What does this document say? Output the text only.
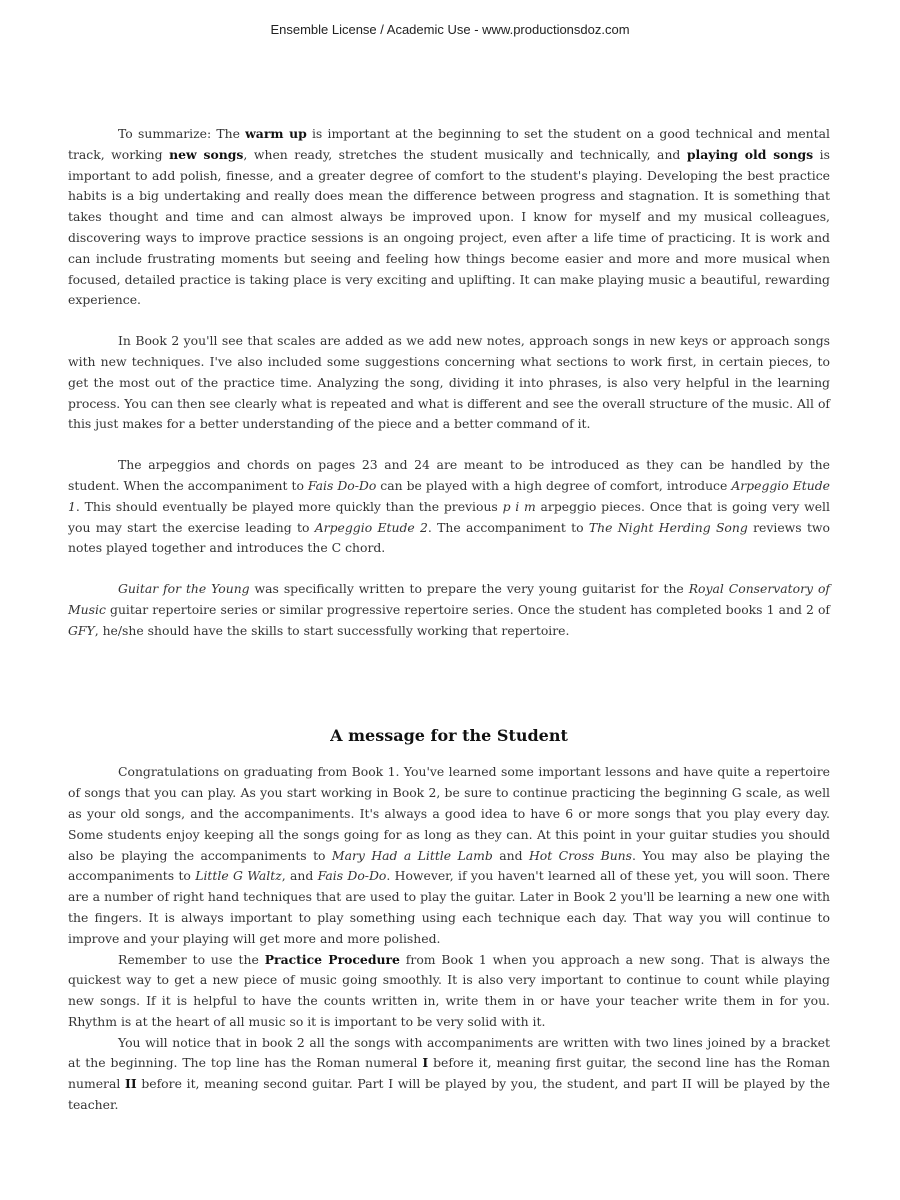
Ensemble License / Academic Use - www.productionsdoz.com

To summarize: The warm up is important at the beginning to set the student on a good technical and mental track, working new songs, when ready, stretches the student musically and technically, and playing old songs is important to add polish, finesse, and a greater degree of comfort to the student's playing. Developing the best practice habits is a big undertaking and really does mean the difference between progress and stagnation. It is something that takes thought and time and can almost always be improved upon. I know for myself and my musical colleagues, discovering ways to improve practice sessions is an ongoing project, even after a life time of practicing. It is work and can include frustrating moments but seeing and feeling how things become easier and more and more musical when focused, detailed practice is taking place is very exciting and uplifting. It can make playing music a beautiful, rewarding experience.

In Book 2 you'll see that scales are added as we add new notes, approach songs in new keys or approach songs with new techniques. I've also included some suggestions concerning what sections to work first, in certain pieces, to get the most out of the practice time. Analyzing the song, dividing it into phrases, is also very helpful in the learning process. You can then see clearly what is repeated and what is different and see the overall structure of the music. All of this just makes for a better understanding of the piece and a better command of it.

The arpeggios and chords on pages 23 and 24 are meant to be introduced as they can be handled by the student. When the accompaniment to Fais Do-Do can be played with a high degree of comfort, introduce Arpeggio Etude 1. This should eventually be played more quickly than the previous p i m arpeggio pieces. Once that is going very well you may start the exercise leading to Arpeggio Etude 2. The accompaniment to The Night Herding Song reviews two notes played together and introduces the C chord.

Guitar for the Young was specifically written to prepare the very young guitarist for the Royal Conservatory of Music guitar repertoire series or similar progressive repertoire series. Once the student has completed books 1 and 2 of GFY, he/she should have the skills to start successfully working that repertoire.

A message for the Student

Congratulations on graduating from Book 1. You've learned some important lessons and have quite a repertoire of songs that you can play. As you start working in Book 2, be sure to continue practicing the beginning G scale, as well as your old songs, and the accompaniments. It's always a good idea to have 6 or more songs that you play every day. Some students enjoy keeping all the songs going for as long as they can. At this point in your guitar studies you should also be playing the accompaniments to Mary Had a Little Lamb and Hot Cross Buns. You may also be playing the accompaniments to Little G Waltz, and Fais Do-Do. However, if you haven't learned all of these yet, you will soon. There are a number of right hand techniques that are used to play the guitar. Later in Book 2 you'll be learning a new one with the fingers. It is always important to play something using each technique each day. That way you will continue to improve and your playing will get more and more polished.

Remember to use the Practice Procedure from Book 1 when you approach a new song. That is always the quickest way to get a new piece of music going smoothly. It is also very important to continue to count while playing new songs. If it is helpful to have the counts written in, write them in or have your teacher write them in for you. Rhythm is at the heart of all music so it is important to be very solid with it.

You will notice that in book 2 all the songs with accompaniments are written with two lines joined by a bracket at the beginning. The top line has the Roman numeral I before it, meaning first guitar, the second line has the Roman numeral II before it, meaning second guitar. Part I will be played by you, the student, and part II will be played by the teacher.
